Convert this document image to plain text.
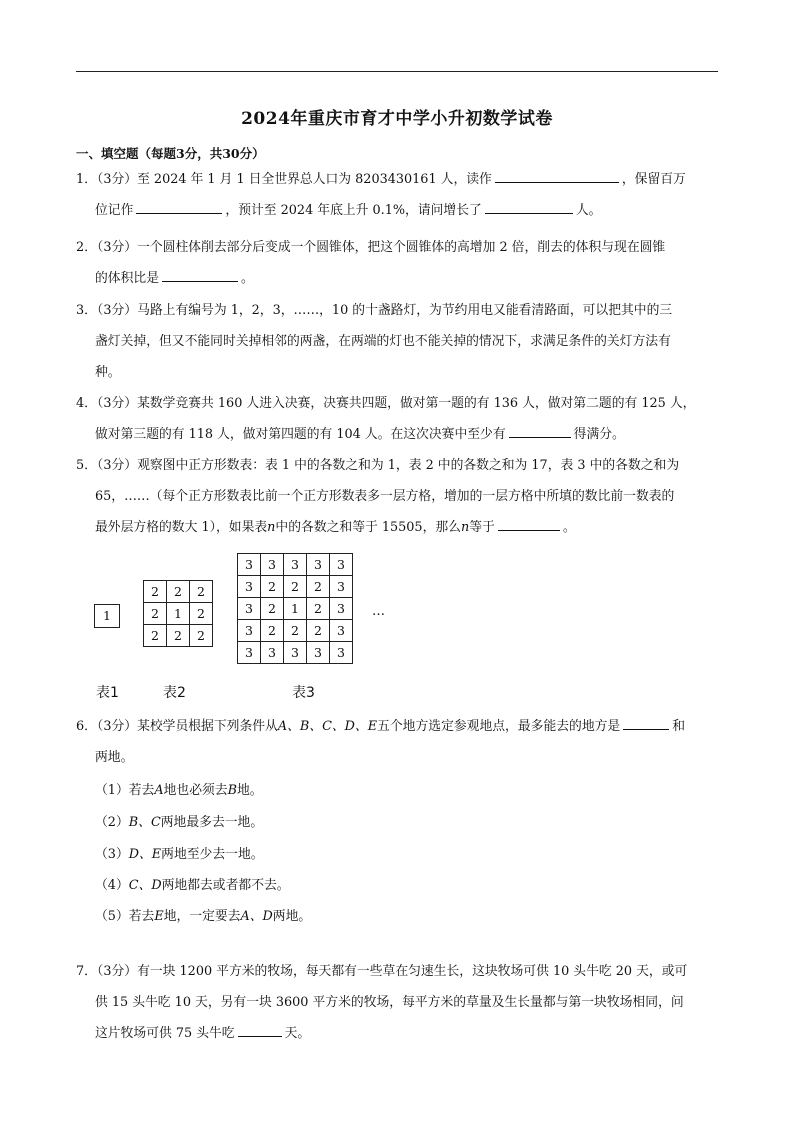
2024年重庆市育才中学小升初数学试卷
一、填空题（每题3分，共30分）
1．（3分）至 2024 年 1 月 1 日全世界总人口为 8203430161 人，读作	，保留百万
位记作	，预计至 2024 年底上升 0.1%，请问增长了	人。
2．（3分）一个圆柱体削去部分后变成一个圆锥体，把这个圆锥体的高增加 2 倍，削去的体积与现在圆锥
的体积比是	。
3．（3分）马路上有编号为 1，2，3，……，10 的十盏路灯，为节约用电又能看清路面，可以把其中的三
盏灯关掉，但又不能同时关掉相邻的两盏，在两端的灯也不能关掉的情况下，求满足条件的关灯方法有
种。
4．（3分）某数学竞赛共 160 人进入决赛，决赛共四题，做对第一题的有 136 人，做对第二题的有 125 人，
做对第三题的有 118 人，做对第四题的有 104 人。在这次决赛中至少有	得满分。
5．（3分）观察图中正方形数表：表 1 中的各数之和为 1，表 2 中的各数之和为 17，表 3 中的各数之和为
65，……（每个正方形数表比前一个正方形数表多一层方格，增加的一层方格中所填的数比前一数表的
最外层方格的数大 1），如果表n中的各数之和等于 15505，那么n等于	。
1
2	2	2
2	1	2
2	2	2
3	3	3	3	3
3	2	2	2	3
3	2	1	2	3
3	2	2	2	3
3	3	3	3	3
…
表1	表2	表3
6．（3分）某校学员根据下列条件从A、B、C、D、E五个地方选定参观地点，最多能去的地方是	和
两地。
（1）若去A地也必须去B地。
（2）B、C两地最多去一地。
（3）D、E两地至少去一地。
（4）C、D两地都去或者都不去。
（5）若去E地，一定要去A、D两地。
7．（3分）有一块 1200 平方米的牧场，每天都有一些草在匀速生长，这块牧场可供 10 头牛吃 20 天，或可
供 15 头牛吃 10 天，另有一块 3600 平方米的牧场，每平方米的草量及生长量都与第一块牧场相同，问
这片牧场可供 75 头牛吃	天。
